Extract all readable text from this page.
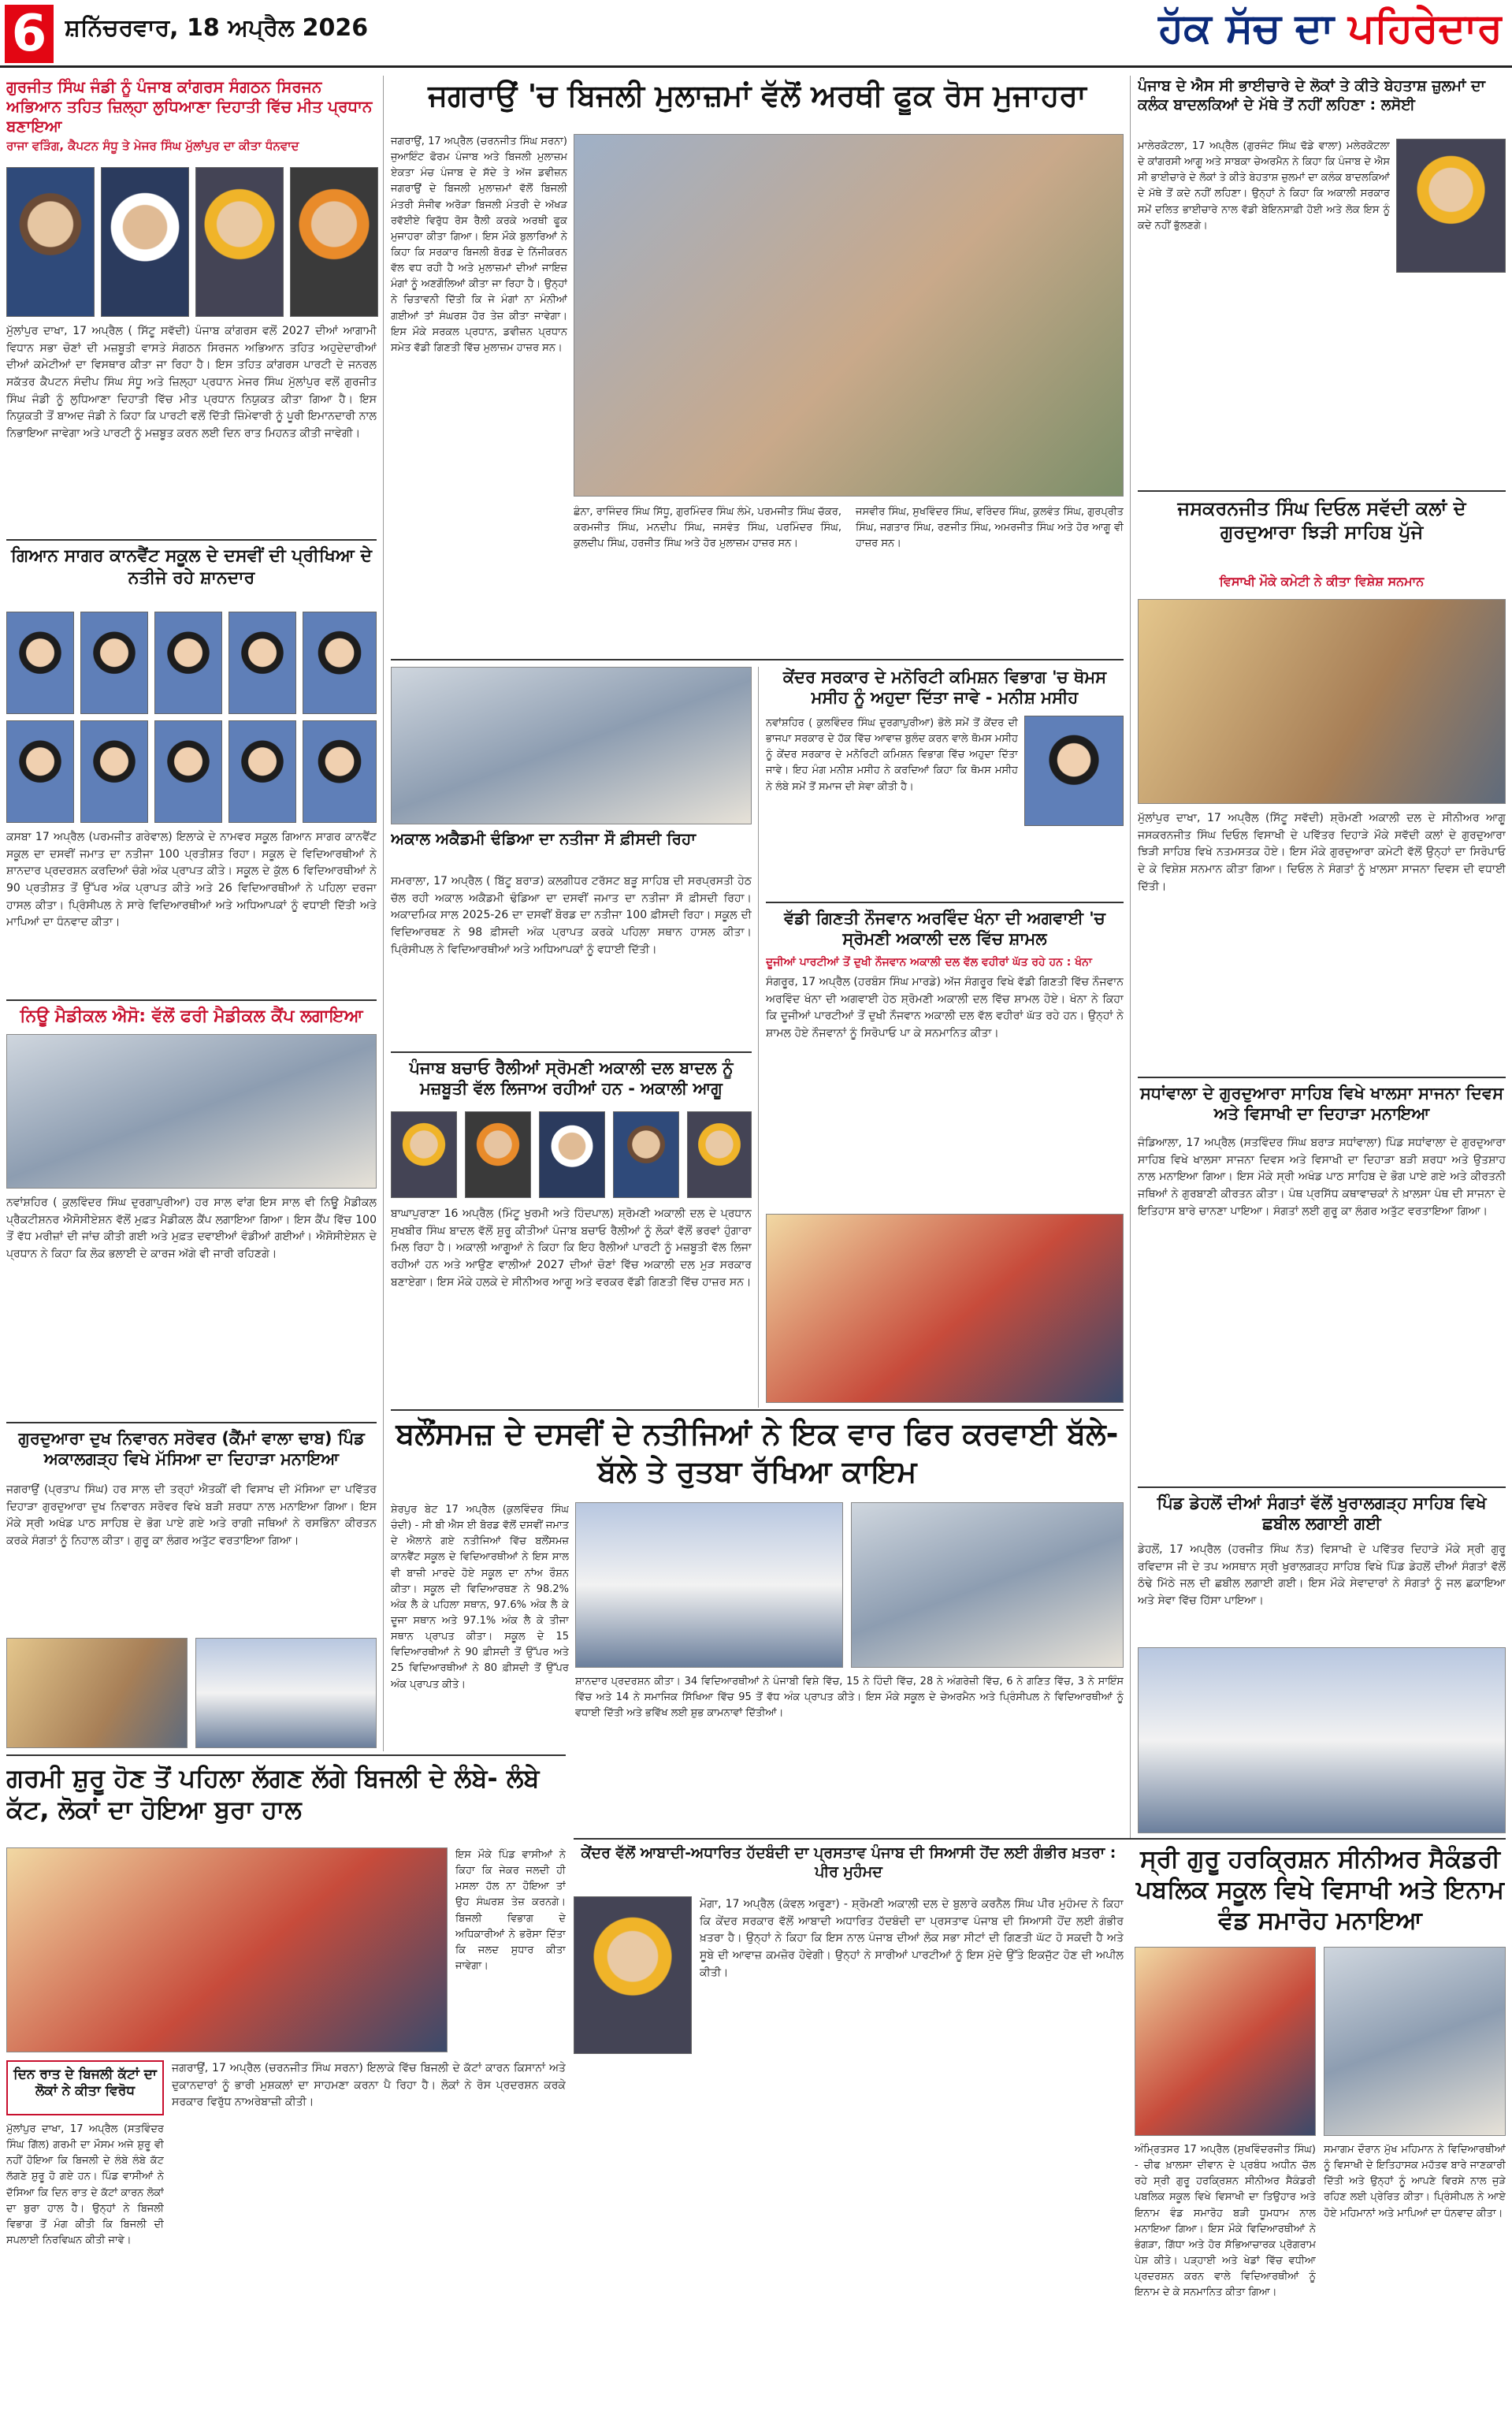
6 ਸ਼ਨਿੱਚਰਵਾਰ, 18 ਅਪ੍ਰੈਲ 2026	ਹੱਕ ਸੱਚ ਦਾ ਪਹਿਰੇਦਾਰ
ਗੁਰਜੀਤ ਸਿੰਘ ਜੰਡੀ ਨੂੰ ਪੰਜਾਬ ਕਾਂਗਰਸ ਸੰਗਠਨ ਸਿਰਜਨ ਅਭਿਆਨ ਤਹਿਤ ਜ਼ਿਲ੍ਹਾ ਲੁਧਿਆਣਾ ਦਿਹਾਤੀ ਵਿੱਚ ਮੀਤ ਪ੍ਰਧਾਨ ਬਣਾਇਆ
ਰਾਜਾ ਵੜਿੰਗ, ਕੈਪਟਨ ਸੰਧੂ ਤੇ ਮੇਜਰ ਸਿੰਘ ਮੁੱਲਾਂਪੁਰ ਦਾ ਕੀਤਾ ਧੰਨਵਾਦ
ਮੁੱਲਾਂਪੁਰ ਦਾਖਾ, 17 ਅਪ੍ਰੈਲ ( ਸਿੱਟੂ ਸਵੱਦੀ) ਪੰਜਾਬ ਕਾਂਗਰਸ ਵਲੋਂ 2027 ਦੀਆਂ ਆਗਾਮੀ ਵਿਧਾਨ ਸਭਾ ਚੋਣਾਂ ਦੀ ਮਜ਼ਬੂਤੀ ਵਾਸਤੇ ਸੰਗਠਨ ਸਿਰਜਨ ਅਭਿਆਨ ਤਹਿਤ ਅਹੁਦੇਦਾਰੀਆਂ ਦੀਆਂ ਕਮੇਟੀਆਂ ਦਾ ਵਿਸਥਾਰ ਕੀਤਾ ਜਾ ਰਿਹਾ ਹੈ। ਇਸ ਤਹਿਤ ਕਾਂਗਰਸ ਪਾਰਟੀ ਦੇ ਜਨਰਲ ਸਕੱਤਰ ਕੈਪਟਨ ਸੰਦੀਪ ਸਿੰਘ ਸੰਧੂ ਅਤੇ ਜ਼ਿਲ੍ਹਾ ਪ੍ਰਧਾਨ ਮੇਜਰ ਸਿੰਘ ਮੁੱਲਾਂਪੁਰ ਵਲੋਂ ਗੁਰਜੀਤ ਸਿੰਘ ਜੰਡੀ ਨੂੰ ਲੁਧਿਆਣਾ ਦਿਹਾਤੀ ਵਿੱਚ ਮੀਤ ਪ੍ਰਧਾਨ ਨਿਯੁਕਤ ਕੀਤਾ ਗਿਆ ਹੈ। ਇਸ ਨਿਯੁਕਤੀ ਤੋਂ ਬਾਅਦ ਜੰਡੀ ਨੇ ਕਿਹਾ ਕਿ ਪਾਰਟੀ ਵਲੋਂ ਦਿੱਤੀ ਜ਼ਿੰਮੇਵਾਰੀ ਨੂੰ ਪੂਰੀ ਇਮਾਨਦਾਰੀ ਨਾਲ ਨਿਭਾਇਆ ਜਾਵੇਗਾ ਅਤੇ ਪਾਰਟੀ ਨੂੰ ਮਜ਼ਬੂਤ ਕਰਨ ਲਈ ਦਿਨ ਰਾਤ ਮਿਹਨਤ ਕੀਤੀ ਜਾਵੇਗੀ।
ਗਿਆਨ ਸਾਗਰ ਕਾਨਵੈਂਟ ਸਕੂਲ ਦੇ ਦਸਵੀਂ ਦੀ ਪ੍ਰੀਖਿਆ ਦੇ ਨਤੀਜੇ ਰਹੇ ਸ਼ਾਨਦਾਰ
ਕਸਬਾ 17 ਅਪ੍ਰੈਲ (ਪਰਮਜੀਤ ਗਰੇਵਾਲ) ਇਲਾਕੇ ਦੇ ਨਾਮਵਰ ਸਕੂਲ ਗਿਆਨ ਸਾਗਰ ਕਾਨਵੈਂਟ ਸਕੂਲ ਦਾ ਦਸਵੀਂ ਜਮਾਤ ਦਾ ਨਤੀਜਾ 100 ਪ੍ਰਤੀਸ਼ਤ ਰਿਹਾ। ਸਕੂਲ ਦੇ ਵਿਦਿਆਰਥੀਆਂ ਨੇ ਸ਼ਾਨਦਾਰ ਪ੍ਰਦਰਸ਼ਨ ਕਰਦਿਆਂ ਚੰਗੇ ਅੰਕ ਪ੍ਰਾਪਤ ਕੀਤੇ। ਸਕੂਲ ਦੇ ਕੁੱਲ 6 ਵਿਦਿਆਰਥੀਆਂ ਨੇ 90 ਪ੍ਰਤੀਸ਼ਤ ਤੋਂ ਉੱਪਰ ਅੰਕ ਪ੍ਰਾਪਤ ਕੀਤੇ ਅਤੇ 26 ਵਿਦਿਆਰਥੀਆਂ ਨੇ ਪਹਿਲਾ ਦਰਜਾ ਹਾਸਲ ਕੀਤਾ। ਪ੍ਰਿੰਸੀਪਲ ਨੇ ਸਾਰੇ ਵਿਦਿਆਰਥੀਆਂ ਅਤੇ ਅਧਿਆਪਕਾਂ ਨੂੰ ਵਧਾਈ ਦਿੱਤੀ ਅਤੇ ਮਾਪਿਆਂ ਦਾ ਧੰਨਵਾਦ ਕੀਤਾ।
ਨਿਊ ਮੈਡੀਕਲ ਐਸੋ: ਵੱਲੋਂ ਫਰੀ ਮੈਡੀਕਲ ਕੈਂਪ ਲਗਾਇਆ
ਨਵਾਂਸ਼ਹਿਰ ( ਕੁਲਵਿੰਦਰ ਸਿੰਘ ਦੁਰਗਾਪੁਰੀਆ) ਹਰ ਸਾਲ ਵਾਂਗ ਇਸ ਸਾਲ ਵੀ ਨਿਊ ਮੈਡੀਕਲ ਪ੍ਰੈਕਟੀਸ਼ਨਰ ਐਸੋਸੀਏਸ਼ਨ ਵੱਲੋਂ ਮੁਫ਼ਤ ਮੈਡੀਕਲ ਕੈਂਪ ਲਗਾਇਆ ਗਿਆ। ਇਸ ਕੈਂਪ ਵਿੱਚ 100 ਤੋਂ ਵੱਧ ਮਰੀਜ਼ਾਂ ਦੀ ਜਾਂਚ ਕੀਤੀ ਗਈ ਅਤੇ ਮੁਫ਼ਤ ਦਵਾਈਆਂ ਵੰਡੀਆਂ ਗਈਆਂ। ਐਸੋਸੀਏਸ਼ਨ ਦੇ ਪ੍ਰਧਾਨ ਨੇ ਕਿਹਾ ਕਿ ਲੋਕ ਭਲਾਈ ਦੇ ਕਾਰਜ ਅੱਗੇ ਵੀ ਜਾਰੀ ਰਹਿਣਗੇ।
ਗੁਰਦੁਆਰਾ ਦੁਖ ਨਿਵਾਰਨ ਸਰੋਵਰ (ਕੈਂਮਾਂ ਵਾਲਾ ਢਾਬ) ਪਿੰਡ ਅਕਾਲਗੜ੍ਹ ਵਿਖੇ ਮੱਸਿਆ ਦਾ ਦਿਹਾੜਾ ਮਨਾਇਆ
ਜਗਰਾਉਂ (ਪ੍ਰਤਾਪ ਸਿੰਘ) ਹਰ ਸਾਲ ਦੀ ਤਰ੍ਹਾਂ ਐਤਕੀਂ ਵੀ ਵਿਸਾਖ ਦੀ ਮੱਸਿਆ ਦਾ ਪਵਿੱਤਰ ਦਿਹਾੜਾ ਗੁਰਦੁਆਰਾ ਦੁਖ ਨਿਵਾਰਨ ਸਰੋਵਰ ਵਿਖੇ ਬੜੀ ਸ਼ਰਧਾ ਨਾਲ ਮਨਾਇਆ ਗਿਆ। ਇਸ ਮੌਕੇ ਸ੍ਰੀ ਅਖੰਡ ਪਾਠ ਸਾਹਿਬ ਦੇ ਭੋਗ ਪਾਏ ਗਏ ਅਤੇ ਰਾਗੀ ਜਥਿਆਂ ਨੇ ਰਸਭਿੰਨਾ ਕੀਰਤਨ ਕਰਕੇ ਸੰਗਤਾਂ ਨੂੰ ਨਿਹਾਲ ਕੀਤਾ। ਗੁਰੂ ਕਾ ਲੰਗਰ ਅਤੁੱਟ ਵਰਤਾਇਆ ਗਿਆ।
ਗਰਮੀ ਸ਼ੁਰੂ ਹੋਣ ਤੋਂ ਪਹਿਲਾ ਲੱਗਣ ਲੱਗੇ ਬਿਜਲੀ ਦੇ ਲੰਬੇ- ਲੰਬੇ ਕੱਟ, ਲੋਕਾਂ ਦਾ ਹੋਇਆ ਬੁਰਾ ਹਾਲ
ਇਸ ਮੌਕੇ ਪਿੰਡ ਵਾਸੀਆਂ ਨੇ ਕਿਹਾ ਕਿ ਜੇਕਰ ਜਲਦੀ ਹੀ ਮਸਲਾ ਹੱਲ ਨਾ ਹੋਇਆ ਤਾਂ ਉਹ ਸੰਘਰਸ਼ ਤੇਜ਼ ਕਰਨਗੇ। ਬਿਜਲੀ ਵਿਭਾਗ ਦੇ ਅਧਿਕਾਰੀਆਂ ਨੇ ਭਰੋਸਾ ਦਿੱਤਾ ਕਿ ਜਲਦ ਸੁਧਾਰ ਕੀਤਾ ਜਾਵੇਗਾ।
ਦਿਨ ਰਾਤ ਦੇ ਬਿਜਲੀ ਕੱਟਾਂ ਦਾ ਲੋਕਾਂ ਨੇ ਕੀਤਾ ਵਿਰੋਧ
ਮੁੱਲਾਂਪੁਰ ਦਾਖਾ, 17 ਅਪ੍ਰੈਲ (ਸਤਵਿੰਦਰ ਸਿੰਘ ਗਿੱਲ) ਗਰਮੀ ਦਾ ਮੌਸਮ ਅਜੇ ਸ਼ੁਰੂ ਵੀ ਨਹੀਂ ਹੋਇਆ ਕਿ ਬਿਜਲੀ ਦੇ ਲੰਬੇ ਲੰਬੇ ਕੱਟ ਲੱਗਣੇ ਸ਼ੁਰੂ ਹੋ ਗਏ ਹਨ। ਪਿੰਡ ਵਾਸੀਆਂ ਨੇ ਦੱਸਿਆ ਕਿ ਦਿਨ ਰਾਤ ਦੇ ਕੱਟਾਂ ਕਾਰਨ ਲੋਕਾਂ ਦਾ ਬੁਰਾ ਹਾਲ ਹੈ। ਉਨ੍ਹਾਂ ਨੇ ਬਿਜਲੀ ਵਿਭਾਗ ਤੋਂ ਮੰਗ ਕੀਤੀ ਕਿ ਬਿਜਲੀ ਦੀ ਸਪਲਾਈ ਨਿਰਵਿਘਨ ਕੀਤੀ ਜਾਵੇ।
ਜਗਰਾਉਂ, 17 ਅਪ੍ਰੈਲ (ਚਰਨਜੀਤ ਸਿੰਘ ਸਰਨਾ) ਇਲਾਕੇ ਵਿੱਚ ਬਿਜਲੀ ਦੇ ਕੱਟਾਂ ਕਾਰਨ ਕਿਸਾਨਾਂ ਅਤੇ ਦੁਕਾਨਦਾਰਾਂ ਨੂੰ ਭਾਰੀ ਮੁਸ਼ਕਲਾਂ ਦਾ ਸਾਹਮਣਾ ਕਰਨਾ ਪੈ ਰਿਹਾ ਹੈ। ਲੋਕਾਂ ਨੇ ਰੋਸ ਪ੍ਰਦਰਸ਼ਨ ਕਰਕੇ ਸਰਕਾਰ ਵਿਰੁੱਧ ਨਾਅਰੇਬਾਜ਼ੀ ਕੀਤੀ।
ਜਗਰਾਉਂ 'ਚ ਬਿਜਲੀ ਮੁਲਾਜ਼ਮਾਂ ਵੱਲੋਂ ਅਰਥੀ ਫੂਕ ਰੋਸ ਮੁਜਾਹਰਾ
ਜਗਰਾਉਂ, 17 ਅਪ੍ਰੈਲ (ਚਰਨਜੀਤ ਸਿੰਘ ਸਰਨਾ) ਜੁਆਇੰਟ ਫੋਰਮ ਪੰਜਾਬ ਅਤੇ ਬਿਜਲੀ ਮੁਲਾਜ਼ਮ ਏਕਤਾ ਮੰਚ ਪੰਜਾਬ ਦੇ ਸੱਦੇ ਤੇ ਅੱਜ ਡਵੀਜ਼ਨ ਜਗਰਾਉਂ ਦੇ ਬਿਜਲੀ ਮੁਲਾਜ਼ਮਾਂ ਵੱਲੋਂ ਬਿਜਲੀ ਮੰਤਰੀ ਸੰਜੀਵ ਅਰੋੜਾ ਬਿਜਲੀ ਮੰਤਰੀ ਦੇ ਅੱਖੜ ਰਵੱਈਏ ਵਿਰੁੱਧ ਰੋਸ ਰੈਲੀ ਕਰਕੇ ਅਰਥੀ ਫੂਕ ਮੁਜਾਹਰਾ ਕੀਤਾ ਗਿਆ। ਇਸ ਮੌਕੇ ਬੁਲਾਰਿਆਂ ਨੇ ਕਿਹਾ ਕਿ ਸਰਕਾਰ ਬਿਜਲੀ ਬੋਰਡ ਦੇ ਨਿੱਜੀਕਰਨ ਵੱਲ ਵਧ ਰਹੀ ਹੈ ਅਤੇ ਮੁਲਾਜ਼ਮਾਂ ਦੀਆਂ ਜਾਇਜ਼ ਮੰਗਾਂ ਨੂੰ ਅਣਗੌਲਿਆਂ ਕੀਤਾ ਜਾ ਰਿਹਾ ਹੈ। ਉਨ੍ਹਾਂ ਨੇ ਚਿਤਾਵਨੀ ਦਿੱਤੀ ਕਿ ਜੇ ਮੰਗਾਂ ਨਾ ਮੰਨੀਆਂ ਗਈਆਂ ਤਾਂ ਸੰਘਰਸ਼ ਹੋਰ ਤੇਜ਼ ਕੀਤਾ ਜਾਵੇਗਾ। ਇਸ ਮੌਕੇ ਸਰਕਲ ਪ੍ਰਧਾਨ, ਡਵੀਜ਼ਨ ਪ੍ਰਧਾਨ ਸਮੇਤ ਵੱਡੀ ਗਿਣਤੀ ਵਿੱਚ ਮੁਲਾਜ਼ਮ ਹਾਜ਼ਰ ਸਨ।
ਛੰਨਾ, ਰਾਜਿੰਦਰ ਸਿੰਘ ਸਿੱਧੂ, ਗੁਰਮਿੰਦਰ ਸਿੰਘ ਲੰਮੇ, ਪਰਮਜੀਤ ਸਿੰਘ ਚੱਕਰ, ਕਰਮਜੀਤ ਸਿੰਘ, ਮਨਦੀਪ ਸਿੰਘ, ਜਸਵੰਤ ਸਿੰਘ, ਪਰਮਿੰਦਰ ਸਿੰਘ, ਕੁਲਦੀਪ ਸਿੰਘ, ਹਰਜੀਤ ਸਿੰਘ ਅਤੇ ਹੋਰ ਮੁਲਾਜ਼ਮ ਹਾਜ਼ਰ ਸਨ।
ਜਸਵੀਰ ਸਿੰਘ, ਸੁਖਵਿੰਦਰ ਸਿੰਘ, ਵਰਿੰਦਰ ਸਿੰਘ, ਕੁਲਵੰਤ ਸਿੰਘ, ਗੁਰਪ੍ਰੀਤ ਸਿੰਘ, ਜਗਤਾਰ ਸਿੰਘ, ਰਣਜੀਤ ਸਿੰਘ, ਅਮਰਜੀਤ ਸਿੰਘ ਅਤੇ ਹੋਰ ਆਗੂ ਵੀ ਹਾਜ਼ਰ ਸਨ।
ਅਕਾਲ ਅਕੈਡਮੀ ਢੰਡਿਆ ਦਾ ਨਤੀਜਾ ਸੌ ਫ਼ੀਸਦੀ ਰਿਹਾ
ਸਮਰਾਲਾ, 17 ਅਪ੍ਰੈਲ ( ਬਿੱਟੂ ਬਰਾੜ) ਕਲਗੀਧਰ ਟਰੱਸਟ ਬੜੂ ਸਾਹਿਬ ਦੀ ਸਰਪ੍ਰਸਤੀ ਹੇਠ ਚੱਲ ਰਹੀ ਅਕਾਲ ਅਕੈਡਮੀ ਢੰਡਿਆ ਦਾ ਦਸਵੀਂ ਜਮਾਤ ਦਾ ਨਤੀਜਾ ਸੌ ਫ਼ੀਸਦੀ ਰਿਹਾ। ਅਕਾਦਮਿਕ ਸਾਲ 2025-26 ਦਾ ਦਸਵੀਂ ਬੋਰਡ ਦਾ ਨਤੀਜਾ 100 ਫ਼ੀਸਦੀ ਰਿਹਾ। ਸਕੂਲ ਦੀ ਵਿਦਿਆਰਥਣ ਨੇ 98 ਫ਼ੀਸਦੀ ਅੰਕ ਪ੍ਰਾਪਤ ਕਰਕੇ ਪਹਿਲਾ ਸਥਾਨ ਹਾਸਲ ਕੀਤਾ। ਪ੍ਰਿੰਸੀਪਲ ਨੇ ਵਿਦਿਆਰਥੀਆਂ ਅਤੇ ਅਧਿਆਪਕਾਂ ਨੂੰ ਵਧਾਈ ਦਿੱਤੀ।
ਪੰਜਾਬ ਬਚਾਓ ਰੈਲੀਆਂ ਸ੍ਰੋਮਣੀ ਅਕਾਲੀ ਦਲ ਬਾਦਲ ਨੂੰ ਮਜ਼ਬੂਤੀ ਵੱਲ ਲਿਜਾਅ ਰਹੀਆਂ ਹਨ - ਅਕਾਲੀ ਆਗੂ
ਬਾਘਾਪੁਰਾਣਾ 16 ਅਪ੍ਰੈਲ (ਮਿੰਟੂ ਖੁਰਮੀ ਅਤੇ ਹਿੰਦਪਾਲ) ਸ਼੍ਰੋਮਣੀ ਅਕਾਲੀ ਦਲ ਦੇ ਪ੍ਰਧਾਨ ਸੁਖਬੀਰ ਸਿੰਘ ਬਾਦਲ ਵੱਲੋਂ ਸ਼ੁਰੂ ਕੀਤੀਆਂ ਪੰਜਾਬ ਬਚਾਓ ਰੈਲੀਆਂ ਨੂੰ ਲੋਕਾਂ ਵੱਲੋਂ ਭਰਵਾਂ ਹੁੰਗਾਰਾ ਮਿਲ ਰਿਹਾ ਹੈ। ਅਕਾਲੀ ਆਗੂਆਂ ਨੇ ਕਿਹਾ ਕਿ ਇਹ ਰੈਲੀਆਂ ਪਾਰਟੀ ਨੂੰ ਮਜ਼ਬੂਤੀ ਵੱਲ ਲਿਜਾ ਰਹੀਆਂ ਹਨ ਅਤੇ ਆਉਣ ਵਾਲੀਆਂ 2027 ਦੀਆਂ ਚੋਣਾਂ ਵਿੱਚ ਅਕਾਲੀ ਦਲ ਮੁੜ ਸਰਕਾਰ ਬਣਾਏਗਾ। ਇਸ ਮੌਕੇ ਹਲਕੇ ਦੇ ਸੀਨੀਅਰ ਆਗੂ ਅਤੇ ਵਰਕਰ ਵੱਡੀ ਗਿਣਤੀ ਵਿੱਚ ਹਾਜ਼ਰ ਸਨ।
ਕੇਂਦਰ ਸਰਕਾਰ ਦੇ ਮਨੋਰਿਟੀ ਕਮਿਸ਼ਨ ਵਿਭਾਗ 'ਚ ਥੋਮਸ ਮਸੀਹ ਨੂੰ ਅਹੁਦਾ ਦਿੱਤਾ ਜਾਵੇ - ਮਨੀਸ਼ ਮਸੀਹ
ਨਵਾਂਸ਼ਹਿਰ ( ਕੁਲਵਿੰਦਰ ਸਿੰਘ ਦੁਰਗਾਪੁਰੀਆ) ਭੋਲੇ ਸਮੇਂ ਤੋਂ ਕੇਂਦਰ ਦੀ ਭਾਜਪਾ ਸਰਕਾਰ ਦੇ ਹੱਕ ਵਿੱਚ ਆਵਾਜ਼ ਬੁਲੰਦ ਕਰਨ ਵਾਲੇ ਥੋਮਸ ਮਸੀਹ ਨੂੰ ਕੇਂਦਰ ਸਰਕਾਰ ਦੇ ਮਨੋਰਿਟੀ ਕਮਿਸ਼ਨ ਵਿਭਾਗ ਵਿੱਚ ਅਹੁਦਾ ਦਿੱਤਾ ਜਾਵੇ। ਇਹ ਮੰਗ ਮਨੀਸ਼ ਮਸੀਹ ਨੇ ਕਰਦਿਆਂ ਕਿਹਾ ਕਿ ਥੋਮਸ ਮਸੀਹ ਨੇ ਲੰਬੇ ਸਮੇਂ ਤੋਂ ਸਮਾਜ ਦੀ ਸੇਵਾ ਕੀਤੀ ਹੈ।
ਵੱਡੀ ਗਿਣਤੀ ਨੌਜਵਾਨ ਅਰਵਿੰਦ ਖੰਨਾ ਦੀ ਅਗਵਾਈ 'ਚ ਸ੍ਰੋਮਣੀ ਅਕਾਲੀ ਦਲ ਵਿੱਚ ਸ਼ਾਮਲ
ਦੂਜੀਆਂ ਪਾਰਟੀਆਂ ਤੋਂ ਦੁਖੀ ਨੌਜਵਾਨ ਅਕਾਲੀ ਦਲ ਵੱਲ ਵਹੀਰਾਂ ਘੱਤ ਰਹੇ ਹਨ : ਖੰਨਾ
ਸੰਗਰੂਰ, 17 ਅਪ੍ਰੈਲ (ਹਰਬੰਸ ਸਿੰਘ ਮਾਰਡੇ) ਅੱਜ ਸੰਗਰੂਰ ਵਿਖੇ ਵੱਡੀ ਗਿਣਤੀ ਵਿੱਚ ਨੌਜਵਾਨ ਅਰਵਿੰਦ ਖੰਨਾ ਦੀ ਅਗਵਾਈ ਹੇਠ ਸ਼੍ਰੋਮਣੀ ਅਕਾਲੀ ਦਲ ਵਿੱਚ ਸ਼ਾਮਲ ਹੋਏ। ਖੰਨਾ ਨੇ ਕਿਹਾ ਕਿ ਦੂਜੀਆਂ ਪਾਰਟੀਆਂ ਤੋਂ ਦੁਖੀ ਨੌਜਵਾਨ ਅਕਾਲੀ ਦਲ ਵੱਲ ਵਹੀਰਾਂ ਘੱਤ ਰਹੇ ਹਨ। ਉਨ੍ਹਾਂ ਨੇ ਸ਼ਾਮਲ ਹੋਏ ਨੌਜਵਾਨਾਂ ਨੂੰ ਸਿਰੋਪਾਓ ਪਾ ਕੇ ਸਨਮਾਨਿਤ ਕੀਤਾ।
ਬਲੌਂਸਮਜ਼ ਦੇ ਦਸਵੀਂ ਦੇ ਨਤੀਜਿਆਂ ਨੇ ਇਕ ਵਾਰ ਫਿਰ ਕਰਵਾਈ ਬੱਲੇ-ਬੱਲੇ ਤੇ ਰੁਤਬਾ ਰੱਖਿਆ ਕਾਇਮ
ਸ਼ੇਰਪੁਰ ਬੇਟ 17 ਅਪ੍ਰੈਲ (ਕੁਲਵਿੰਦਰ ਸਿੰਘ ਚੰਦੀ) - ਸੀ ਬੀ ਐਸ ਈ ਬੋਰਡ ਵੱਲੋਂ ਦਸਵੀਂ ਜਮਾਤ ਦੇ ਐਲਾਨੇ ਗਏ ਨਤੀਜਿਆਂ ਵਿੱਚ ਬਲੌਂਸਮਜ਼ ਕਾਨਵੈਂਟ ਸਕੂਲ ਦੇ ਵਿਦਿਆਰਥੀਆਂ ਨੇ ਇਸ ਸਾਲ ਵੀ ਬਾਜ਼ੀ ਮਾਰਦੇ ਹੋਏ ਸਕੂਲ ਦਾ ਨਾਂਅ ਰੌਸ਼ਨ ਕੀਤਾ। ਸਕੂਲ ਦੀ ਵਿਦਿਆਰਥਣ ਨੇ 98.2% ਅੰਕ ਲੈ ਕੇ ਪਹਿਲਾ ਸਥਾਨ, 97.6% ਅੰਕ ਲੈ ਕੇ ਦੂਜਾ ਸਥਾਨ ਅਤੇ 97.1% ਅੰਕ ਲੈ ਕੇ ਤੀਜਾ ਸਥਾਨ ਪ੍ਰਾਪਤ ਕੀਤਾ। ਸਕੂਲ ਦੇ 15 ਵਿਦਿਆਰਥੀਆਂ ਨੇ 90 ਫ਼ੀਸਦੀ ਤੋਂ ਉੱਪਰ ਅਤੇ 25 ਵਿਦਿਆਰਥੀਆਂ ਨੇ 80 ਫ਼ੀਸਦੀ ਤੋਂ ਉੱਪਰ ਅੰਕ ਪ੍ਰਾਪਤ ਕੀਤੇ।	ਸ਼ਾਨਦਾਰ ਪ੍ਰਦਰਸ਼ਨ ਕੀਤਾ। 34 ਵਿਦਿਆਰਥੀਆਂ ਨੇ ਪੰਜਾਬੀ ਵਿਸ਼ੇ ਵਿੱਚ, 15 ਨੇ ਹਿੰਦੀ ਵਿੱਚ, 28 ਨੇ ਅੰਗਰੇਜ਼ੀ ਵਿੱਚ, 6 ਨੇ ਗਣਿਤ ਵਿੱਚ, 3 ਨੇ ਸਾਇੰਸ ਵਿੱਚ ਅਤੇ 14 ਨੇ ਸਮਾਜਿਕ ਸਿੱਖਿਆ ਵਿੱਚ 95 ਤੋਂ ਵੱਧ ਅੰਕ ਪ੍ਰਾਪਤ ਕੀਤੇ। ਇਸ ਮੌਕੇ ਸਕੂਲ ਦੇ ਚੇਅਰਮੈਨ ਅਤੇ ਪ੍ਰਿੰਸੀਪਲ ਨੇ ਵਿਦਿਆਰਥੀਆਂ ਨੂੰ ਵਧਾਈ ਦਿੱਤੀ ਅਤੇ ਭਵਿੱਖ ਲਈ ਸ਼ੁਭ ਕਾਮਨਾਵਾਂ ਦਿੱਤੀਆਂ।
ਕੇਂਦਰ ਵੱਲੋਂ ਆਬਾਦੀ-ਅਧਾਰਿਤ ਹੱਦਬੰਦੀ ਦਾ ਪ੍ਰਸਤਾਵ ਪੰਜਾਬ ਦੀ ਸਿਆਸੀ ਹੋਂਦ ਲਈ ਗੰਭੀਰ ਖ਼ਤਰਾ : ਪੀਰ ਮੁਹੰਮਦ
ਮੋਗਾ, 17 ਅਪ੍ਰੈਲ (ਕੰਵਲ ਅਰੂਣਾ) - ਸ਼੍ਰੋਮਣੀ ਅਕਾਲੀ ਦਲ ਦੇ ਬੁਲਾਰੇ ਕਰਨੈਲ ਸਿੰਘ ਪੀਰ ਮੁਹੰਮਦ ਨੇ ਕਿਹਾ ਕਿ ਕੇਂਦਰ ਸਰਕਾਰ ਵੱਲੋਂ ਆਬਾਦੀ ਅਧਾਰਿਤ ਹੱਦਬੰਦੀ ਦਾ ਪ੍ਰਸਤਾਵ ਪੰਜਾਬ ਦੀ ਸਿਆਸੀ ਹੋਂਦ ਲਈ ਗੰਭੀਰ ਖ਼ਤਰਾ ਹੈ। ਉਨ੍ਹਾਂ ਨੇ ਕਿਹਾ ਕਿ ਇਸ ਨਾਲ ਪੰਜਾਬ ਦੀਆਂ ਲੋਕ ਸਭਾ ਸੀਟਾਂ ਦੀ ਗਿਣਤੀ ਘੱਟ ਹੋ ਸਕਦੀ ਹੈ ਅਤੇ ਸੂਬੇ ਦੀ ਆਵਾਜ਼ ਕਮਜ਼ੋਰ ਹੋਵੇਗੀ। ਉਨ੍ਹਾਂ ਨੇ ਸਾਰੀਆਂ ਪਾਰਟੀਆਂ ਨੂੰ ਇਸ ਮੁੱਦੇ ਉੱਤੇ ਇਕਜੁੱਟ ਹੋਣ ਦੀ ਅਪੀਲ ਕੀਤੀ।
ਪੰਜਾਬ ਦੇ ਐਸ ਸੀ ਭਾਈਚਾਰੇ ਦੇ ਲੋਕਾਂ ਤੇ ਕੀਤੇ ਬੇਹਤਾਸ਼ ਜ਼ੁਲਮਾਂ ਦਾ ਕਲੰਕ ਬਾਦਲਕਿਆਂ ਦੇ ਮੱਥੇ ਤੋਂ ਨਹੀਂ ਲਹਿਣਾ : ਲਸੋਈ
ਮਾਲੇਰਕੋਟਲਾ, 17 ਅਪ੍ਰੈਲ (ਗੁਰਜੰਟ ਸਿੰਘ ਢੱਡੇ ਵਾਲਾ) ਮਲੇਰਕੋਟਲਾ ਦੇ ਕਾਂਗਰਸੀ ਆਗੂ ਅਤੇ ਸਾਬਕਾ ਚੇਅਰਮੈਨ ਨੇ ਕਿਹਾ ਕਿ ਪੰਜਾਬ ਦੇ ਐਸ ਸੀ ਭਾਈਚਾਰੇ ਦੇ ਲੋਕਾਂ ਤੇ ਕੀਤੇ ਬੇਹਤਾਸ਼ ਜ਼ੁਲਮਾਂ ਦਾ ਕਲੰਕ ਬਾਦਲਕਿਆਂ ਦੇ ਮੱਥੇ ਤੋਂ ਕਦੇ ਨਹੀਂ ਲਹਿਣਾ। ਉਨ੍ਹਾਂ ਨੇ ਕਿਹਾ ਕਿ ਅਕਾਲੀ ਸਰਕਾਰ ਸਮੇਂ ਦਲਿਤ ਭਾਈਚਾਰੇ ਨਾਲ ਵੱਡੀ ਬੇਇਨਸਾਫ਼ੀ ਹੋਈ ਅਤੇ ਲੋਕ ਇਸ ਨੂੰ ਕਦੇ ਨਹੀਂ ਭੁੱਲਣਗੇ।
ਜਸਕਰਨਜੀਤ ਸਿੰਘ ਦਿਓਲ ਸਵੱਦੀ ਕਲਾਂ ਦੇ ਗੁਰਦੁਆਰਾ ਝਿੜੀ ਸਾਹਿਬ ਪੁੱਜੇ
ਵਿਸਾਖੀ ਮੌਕੇ ਕਮੇਟੀ ਨੇ ਕੀਤਾ ਵਿਸ਼ੇਸ਼ ਸਨਮਾਨ
ਮੁੱਲਾਂਪੁਰ ਦਾਖਾ, 17 ਅਪ੍ਰੈਲ (ਸਿੱਟੂ ਸਵੱਦੀ) ਸ਼੍ਰੋਮਣੀ ਅਕਾਲੀ ਦਲ ਦੇ ਸੀਨੀਅਰ ਆਗੂ ਜਸਕਰਨਜੀਤ ਸਿੰਘ ਦਿਓਲ ਵਿਸਾਖੀ ਦੇ ਪਵਿੱਤਰ ਦਿਹਾੜੇ ਮੌਕੇ ਸਵੱਦੀ ਕਲਾਂ ਦੇ ਗੁਰਦੁਆਰਾ ਝਿੜੀ ਸਾਹਿਬ ਵਿਖੇ ਨਤਮਸਤਕ ਹੋਏ। ਇਸ ਮੌਕੇ ਗੁਰਦੁਆਰਾ ਕਮੇਟੀ ਵੱਲੋਂ ਉਨ੍ਹਾਂ ਦਾ ਸਿਰੋਪਾਓ ਦੇ ਕੇ ਵਿਸ਼ੇਸ਼ ਸਨਮਾਨ ਕੀਤਾ ਗਿਆ। ਦਿਓਲ ਨੇ ਸੰਗਤਾਂ ਨੂੰ ਖ਼ਾਲਸਾ ਸਾਜਨਾ ਦਿਵਸ ਦੀ ਵਧਾਈ ਦਿੱਤੀ।
ਸਧਾਂਵਾਲਾ ਦੇ ਗੁਰਦੁਆਰਾ ਸਾਹਿਬ ਵਿਖੇ ਖਾਲਸਾ ਸਾਜਨਾ ਦਿਵਸ ਅਤੇ ਵਿਸਾਖੀ ਦਾ ਦਿਹਾੜਾ ਮਨਾਇਆ
ਜੰਡਿਆਲਾ, 17 ਅਪ੍ਰੈਲ (ਸਤਵਿੰਦਰ ਸਿੰਘ ਬਰਾੜ ਸਧਾਂਵਾਲਾ) ਪਿੰਡ ਸਧਾਂਵਾਲਾ ਦੇ ਗੁਰਦੁਆਰਾ ਸਾਹਿਬ ਵਿਖੇ ਖਾਲਸਾ ਸਾਜਨਾ ਦਿਵਸ ਅਤੇ ਵਿਸਾਖੀ ਦਾ ਦਿਹਾੜਾ ਬੜੀ ਸ਼ਰਧਾ ਅਤੇ ਉਤਸ਼ਾਹ ਨਾਲ ਮਨਾਇਆ ਗਿਆ। ਇਸ ਮੌਕੇ ਸ੍ਰੀ ਅਖੰਡ ਪਾਠ ਸਾਹਿਬ ਦੇ ਭੋਗ ਪਾਏ ਗਏ ਅਤੇ ਕੀਰਤਨੀ ਜਥਿਆਂ ਨੇ ਗੁਰਬਾਣੀ ਕੀਰਤਨ ਕੀਤਾ। ਪੰਥ ਪ੍ਰਸਿੱਧ ਕਥਾਵਾਚਕਾਂ ਨੇ ਖ਼ਾਲਸਾ ਪੰਥ ਦੀ ਸਾਜਨਾ ਦੇ ਇਤਿਹਾਸ ਬਾਰੇ ਚਾਨਣਾ ਪਾਇਆ। ਸੰਗਤਾਂ ਲਈ ਗੁਰੂ ਕਾ ਲੰਗਰ ਅਤੁੱਟ ਵਰਤਾਇਆ ਗਿਆ।
ਪਿੰਡ ਡੇਹਲੋਂ ਦੀਆਂ ਸੰਗਤਾਂ ਵੱਲੋਂ ਖੁਰਾਲਗੜ੍ਹ ਸਾਹਿਬ ਵਿਖੇ ਛਬੀਲ ਲਗਾਈ ਗਈ
ਡੇਹਲੋਂ, 17 ਅਪ੍ਰੈਲ (ਹਰਜੀਤ ਸਿੰਘ ਨੱਤ) ਵਿਸਾਖੀ ਦੇ ਪਵਿੱਤਰ ਦਿਹਾੜੇ ਮੌਕੇ ਸ੍ਰੀ ਗੁਰੂ ਰਵਿਦਾਸ ਜੀ ਦੇ ਤਪ ਅਸਥਾਨ ਸ੍ਰੀ ਖੁਰਾਲਗੜ੍ਹ ਸਾਹਿਬ ਵਿਖੇ ਪਿੰਡ ਡੇਹਲੋਂ ਦੀਆਂ ਸੰਗਤਾਂ ਵੱਲੋਂ ਠੰਢੇ ਮਿੱਠੇ ਜਲ ਦੀ ਛਬੀਲ ਲਗਾਈ ਗਈ। ਇਸ ਮੌਕੇ ਸੇਵਾਦਾਰਾਂ ਨੇ ਸੰਗਤਾਂ ਨੂੰ ਜਲ ਛਕਾਇਆ ਅਤੇ ਸੇਵਾ ਵਿੱਚ ਹਿੱਸਾ ਪਾਇਆ।
ਸ੍ਰੀ ਗੁਰੂ ਹਰਕ੍ਰਿਸ਼ਨ ਸੀਨੀਅਰ ਸੈਕੰਡਰੀ ਪਬਲਿਕ ਸਕੂਲ ਵਿਖੇ ਵਿਸਾਖੀ ਅਤੇ ਇਨਾਮ ਵੰਡ ਸਮਾਰੋਹ ਮਨਾਇਆ
ਅੰਮ੍ਰਿਤਸਰ 17 ਅਪ੍ਰੈਲ (ਸੁਖਵਿੰਦਰਜੀਤ ਸਿੰਘ) - ਚੀਫ ਖ਼ਾਲਸਾ ਦੀਵਾਨ ਦੇ ਪ੍ਰਬੰਧ ਅਧੀਨ ਚੱਲ ਰਹੇ ਸ੍ਰੀ ਗੁਰੂ ਹਰਕ੍ਰਿਸ਼ਨ ਸੀਨੀਅਰ ਸੈਕੰਡਰੀ ਪਬਲਿਕ ਸਕੂਲ ਵਿਖੇ ਵਿਸਾਖੀ ਦਾ ਤਿਉਹਾਰ ਅਤੇ ਇਨਾਮ ਵੰਡ ਸਮਾਰੋਹ ਬੜੀ ਧੂਮਧਾਮ ਨਾਲ ਮਨਾਇਆ ਗਿਆ। ਇਸ ਮੌਕੇ ਵਿਦਿਆਰਥੀਆਂ ਨੇ ਭੰਗੜਾ, ਗਿੱਧਾ ਅਤੇ ਹੋਰ ਸੱਭਿਆਚਾਰਕ ਪ੍ਰੋਗਰਾਮ ਪੇਸ਼ ਕੀਤੇ। ਪੜ੍ਹਾਈ ਅਤੇ ਖੇਡਾਂ ਵਿੱਚ ਵਧੀਆ ਪ੍ਰਦਰਸ਼ਨ ਕਰਨ ਵਾਲੇ ਵਿਦਿਆਰਥੀਆਂ ਨੂੰ ਇਨਾਮ ਦੇ ਕੇ ਸਨਮਾਨਿਤ ਕੀਤਾ ਗਿਆ।
ਸਮਾਗਮ ਦੌਰਾਨ ਮੁੱਖ ਮਹਿਮਾਨ ਨੇ ਵਿਦਿਆਰਥੀਆਂ ਨੂੰ ਵਿਸਾਖੀ ਦੇ ਇਤਿਹਾਸਕ ਮਹੱਤਵ ਬਾਰੇ ਜਾਣਕਾਰੀ ਦਿੱਤੀ ਅਤੇ ਉਨ੍ਹਾਂ ਨੂੰ ਆਪਣੇ ਵਿਰਸੇ ਨਾਲ ਜੁੜੇ ਰਹਿਣ ਲਈ ਪ੍ਰੇਰਿਤ ਕੀਤਾ। ਪ੍ਰਿੰਸੀਪਲ ਨੇ ਆਏ ਹੋਏ ਮਹਿਮਾਨਾਂ ਅਤੇ ਮਾਪਿਆਂ ਦਾ ਧੰਨਵਾਦ ਕੀਤਾ।
